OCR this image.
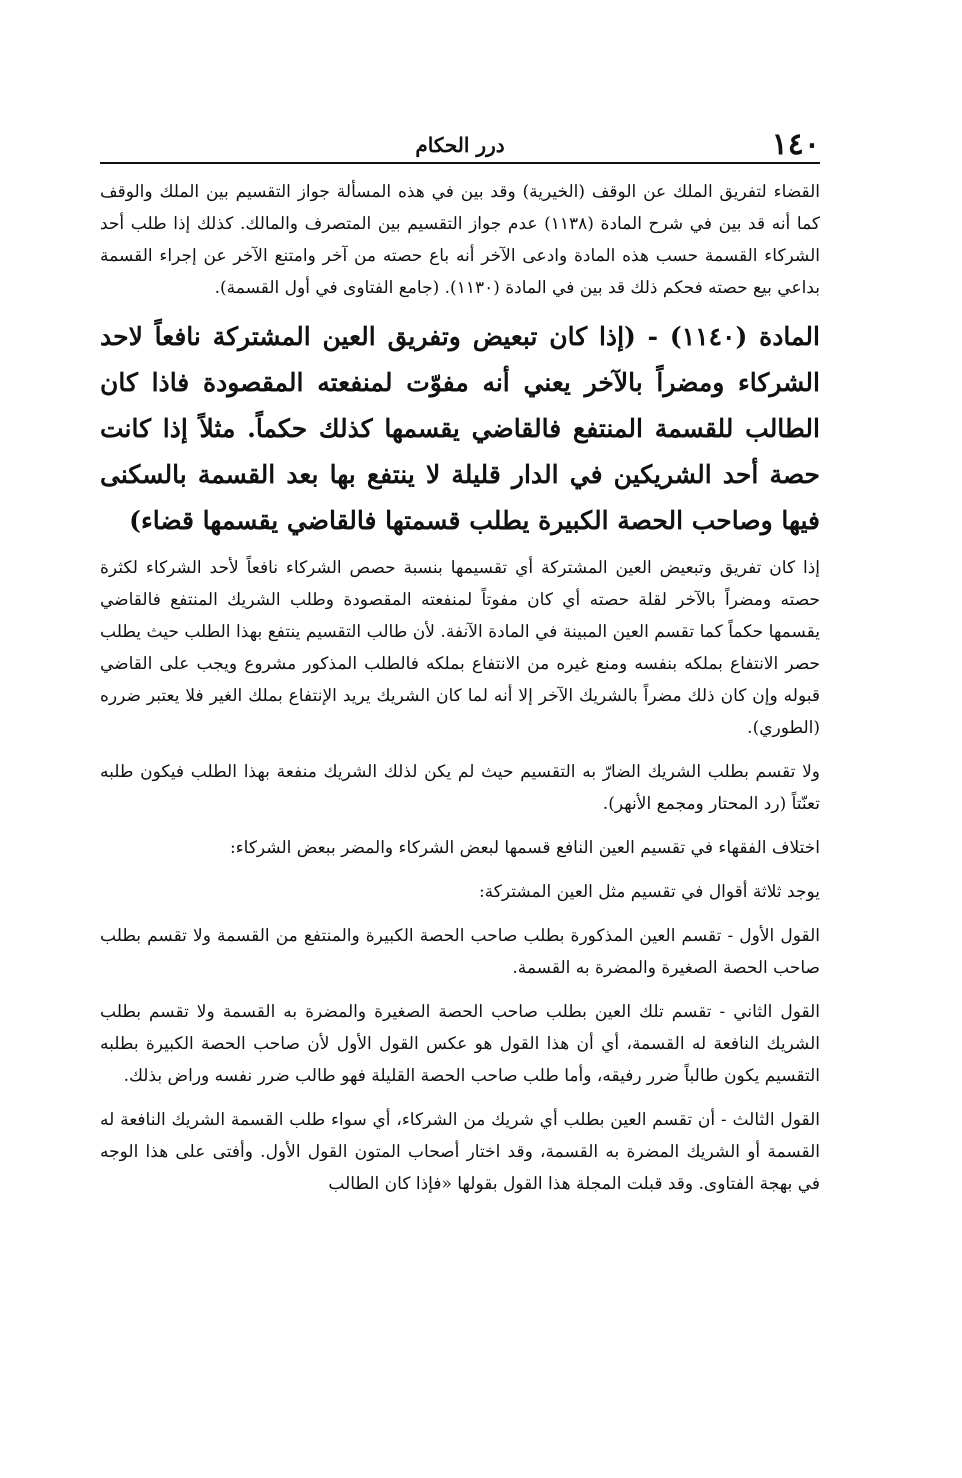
١٤٠
درر الحكام

القضاء لتفريق الملك عن الوقف (الخيرية) وقد بين في هذه المسألة جواز التقسيم بين الملك والوقف كما أنه قد بين في شرح المادة (١١٣٨) عدم جواز التقسيم بين المتصرف والمالك. كذلك إذا طلب أحد الشركاء القسمة حسب هذه المادة وادعى الآخر أنه باع حصته من آخر وامتنع الآخر عن إجراء القسمة بداعي بيع حصته فحكم ذلك قد بين في المادة (١١٣٠). (جامع الفتاوى في أول القسمة).

المادة (١١٤٠) - (إذا كان تبعيض وتفريق العين المشتركة نافعاً لاحد الشركاء ومضراً بالآخر يعني أنه مفوّت لمنفعته المقصودة فاذا كان الطالب للقسمة المنتفع فالقاضي يقسمها كذلك حكماً. مثلاً إذا كانت حصة أحد الشريكين في الدار قليلة لا ينتفع بها بعد القسمة بالسكنى فيها وصاحب الحصة الكبيرة يطلب قسمتها فالقاضي يقسمها قضاء)

إذا كان تفريق وتبعيض العين المشتركة أي تقسيمها بنسبة حصص الشركاء نافعاً لأحد الشركاء لكثرة حصته ومضراً بالآخر لقلة حصته أي كان مفوتاً لمنفعته المقصودة وطلب الشريك المنتفع فالقاضي يقسمها حكماً كما تقسم العين المبينة في المادة الآنفة. لأن طالب التقسيم ينتفع بهذا الطلب حيث يطلب حصر الانتفاع بملكه بنفسه ومنع غيره من الانتفاع بملكه فالطلب المذكور مشروع ويجب على القاضي قبوله وإن كان ذلك مضراً بالشريك الآخر إلا أنه لما كان الشريك يريد الإنتفاع بملك الغير فلا يعتبر ضرره (الطوري).

ولا تقسم بطلب الشريك الضارّ به التقسيم حيث لم يكن لذلك الشريك منفعة بهذا الطلب فيكون طلبه تعنّتاً (رد المحتار ومجمع الأنهر).

اختلاف الفقهاء في تقسيم العين النافع قسمها لبعض الشركاء والمضر ببعض الشركاء:

يوجد ثلاثة أقوال في تقسيم مثل العين المشتركة:

القول الأول - تقسم العين المذكورة بطلب صاحب الحصة الكبيرة والمنتفع من القسمة ولا تقسم بطلب صاحب الحصة الصغيرة والمضرة به القسمة.

القول الثاني - تقسم تلك العين بطلب صاحب الحصة الصغيرة والمضرة به القسمة ولا تقسم بطلب الشريك النافعة له القسمة، أي أن هذا القول هو عكس القول الأول لأن صاحب الحصة الكبيرة بطلبه التقسيم يكون طالباً ضرر رفيقه، وأما طلب صاحب الحصة القليلة فهو طالب ضرر نفسه وراض بذلك.

القول الثالث - أن تقسم العين بطلب أي شريك من الشركاء، أي سواء طلب القسمة الشريك النافعة له القسمة أو الشريك المضرة به القسمة، وقد اختار أصحاب المتون القول الأول. وأفتى على هذا الوجه في بهجة الفتاوى. وقد قبلت المجلة هذا القول بقولها «فإذا كان الطالب
